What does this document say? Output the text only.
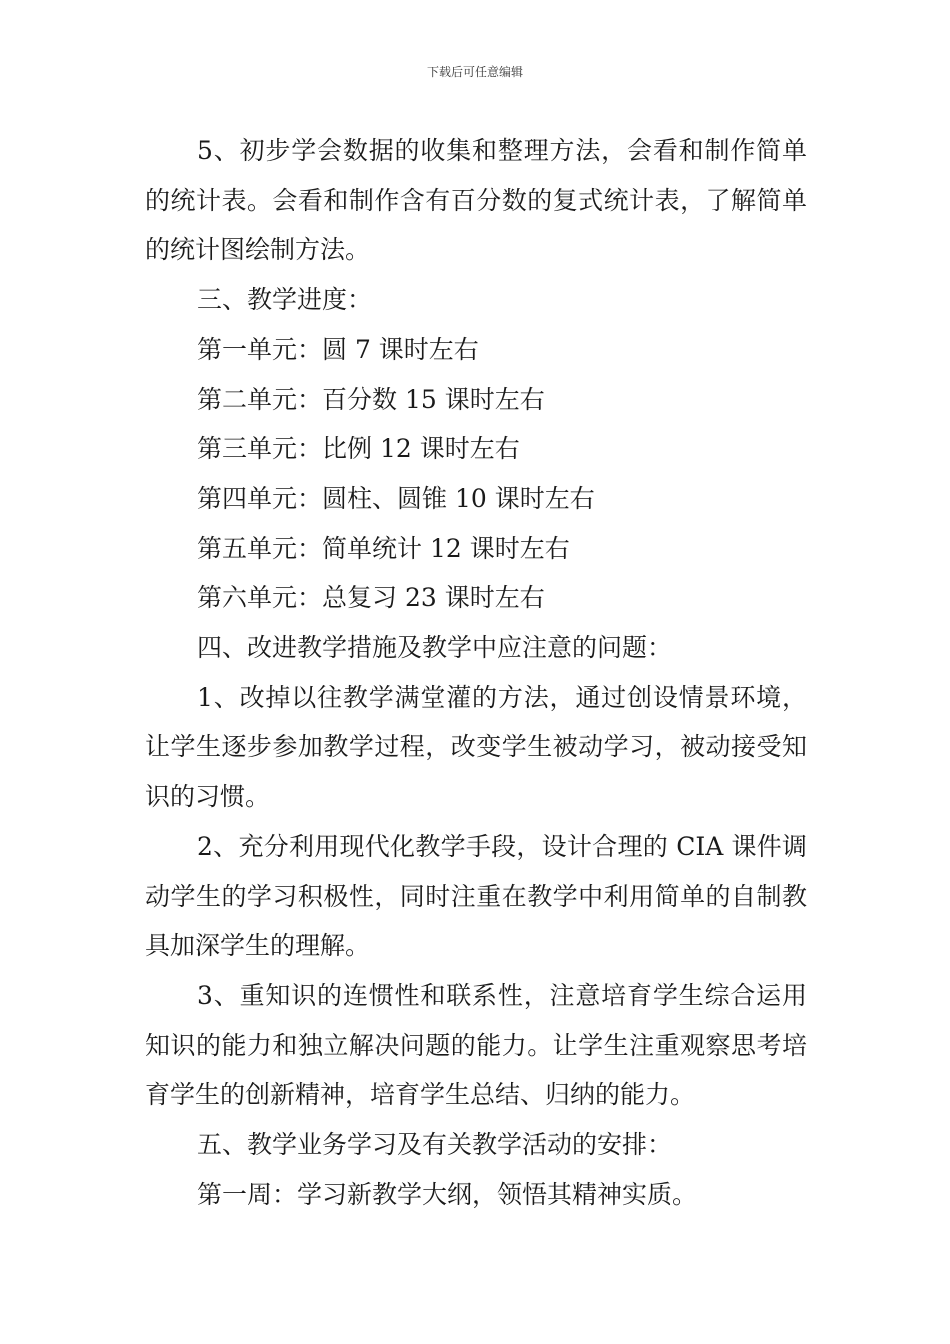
下载后可任意编辑

5、初步学会数据的收集和整理方法，会看和制作简单的统计表。会看和制作含有百分数的复式统计表，了解简单的统计图绘制方法。

三、教学进度：

第一单元：圆 7 课时左右

第二单元：百分数 15 课时左右

第三单元：比例 12 课时左右

第四单元：圆柱、圆锥 10 课时左右

第五单元：简单统计 12 课时左右

第六单元：总复习 23 课时左右

四、改进教学措施及教学中应注意的问题：

1、改掉以往教学满堂灌的方法，通过创设情景环境，让学生逐步参加教学过程，改变学生被动学习，被动接受知识的习惯。

2、充分利用现代化教学手段，设计合理的 CIA 课件调动学生的学习积极性，同时注重在教学中利用简单的自制教具加深学生的理解。

3、重知识的连惯性和联系性，注意培育学生综合运用知识的能力和独立解决问题的能力。让学生注重观察思考培育学生的创新精神，培育学生总结、归纳的能力。

五、教学业务学习及有关教学活动的安排：

第一周：学习新教学大纲，领悟其精神实质。
